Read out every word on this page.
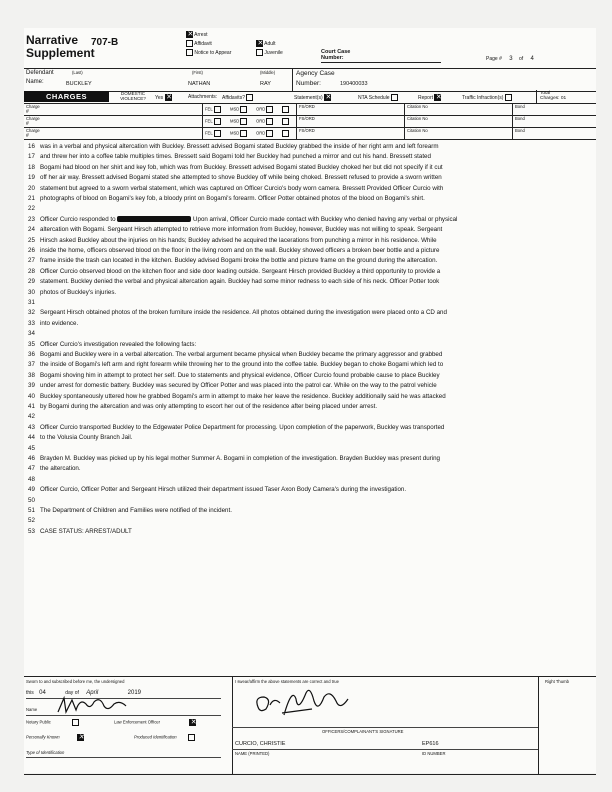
Narrative
Supplement
707-B
✕ Arrest
Affidavit
Notice to Appear
✕ Adult
Juvenile	Court Case
Number:	Page # 3 of 4
Defendant
Name:
(Last)
BUCKLEY
(First)
NATHAN
(Middle)
RAY
Agency Case
Number:	190400033
CHARGES	DOMESTIC VIOLENCE?	Yes ✕	Attachments: Affidavits?	Statement(s) ✕	NTA Schedule	Report ✕	Traffic Infraction(s)
Total
Charges: 01
Charge
#	FEL	MSD	ORD
FS/ORD	Citation No	Bond
Charge
#	FEL	MSD	ORD
FS/ORD	Citation No	Bond
Charge
#	FEL	MSD	ORD
FS/ORD	Citation No	Bond
16 was in a verbal and physical altercation with Buckley. Bressett advised Bogami stated Buckley grabbed the inside of her right arm and left forearm
17 and threw her into a coffee table multiples times. Bressett said Bogami told her Buckley had punched a mirror and cut his hand. Bressett stated
18 Bogami had blood on her shirt and key fob, which was from Buckley. Bressett advised Bogami stated Buckley choked her but did not specify if it cut
19 off her air way. Bressett advised Bogami stated she attempted to shove Buckley off while being choked. Bressett refused to provide a sworn written
20 statement but agreed to a sworn verbal statement, which was captured on Officer Curcio's body worn camera. Bressett Provided Officer Curcio with
21 photographs of blood on Bogami's key fob, a bloody print on Bogami's forearm. Officer Potter obtained photos of the blood on Bogami's shirt.
22
23 Officer Curcio responded to	Upon arrival, Officer Curcio made contact with Buckley who denied having any verbal or physical
24 altercation with Bogami. Sergeant Hirsch attempted to retrieve more information from Buckley, however, Buckley was not willing to speak. Sergeant
25 Hirsch asked Buckley about the injuries on his hands; Buckley advised he acquired the lacerations from punching a mirror in his residence. While
26 inside the home, officers observed blood on the floor in the living room and on the wall. Buckley showed officers a broken beer bottle and a picture
27 frame inside the trash can located in the kitchen. Buckley advised Bogami broke the bottle and picture frame on the ground during the altercation.
28 Officer Curcio observed blood on the kitchen floor and side door leading outside. Sergeant Hirsch provided Buckley a third opportunity to provide a
29 statement. Buckley denied the verbal and physical altercation again. Buckley had some minor redness to each side of his neck. Officer Potter took
30 photos of Buckley's injuries.
31
32 Sergeant Hirsch obtained photos of the broken furniture inside the residence. All photos obtained during the investigation were placed onto a CD and
33 into evidence.
34
35 Officer Curcio's investigation revealed the following facts:
36 Bogami and Buckley were in a verbal altercation. The verbal argument became physical when Buckley became the primary aggressor and grabbed
37 the inside of Bogami's left arm and right forearm while throwing her to the ground into the coffee table. Buckley began to choke Bogami which led to
38 Bogami shoving him in attempt to protect her self. Due to statements and physical evidence, Officer Curcio found probable cause to place Buckley
39 under arrest for domestic battery. Buckley was secured by Officer Potter and was placed into the patrol car. While on the way to the patrol vehicle
40 Buckley spontaneously uttered how he grabbed Bogami's arm in attempt to make her leave the residence. Buckley additionally said he was attacked
41 by Bogami during the altercation and was only attempting to escort her out of the residence after being placed under arrest.
42
43 Officer Curcio transported Buckley to the Edgewater Police Department for processing. Upon completion of the paperwork, Buckley was transported
44 to the Volusia County Branch Jail.
45
46 Brayden M. Buckley was picked up by his legal mother Summer A. Bogami in completion of the investigation. Brayden Buckley was present during
47 the altercation.
48
49 Officer Curcio, Officer Potter and Sergeant Hirsch utilized their department issued Taser Axon Body Camera's during the investigation.
50
51 The Department of Children and Families were notified of the incident.
52
53 CASE STATUS: ARREST/ADULT
Sworn to and subscribed before me, the undersigned
this 04	day of April	2019
Name
Notary Public	Law Enforcement Officer ✕
Personally Known ✕	Produced Identification
Type of Identification
I swear/affirm the above statements are correct and true
OFFICERS/COMPLAINANT'S SIGNATURE
CURCIO, CHRISTIE	EP616
NAME (PRINTED)	ID NUMBER
Right Thumb
